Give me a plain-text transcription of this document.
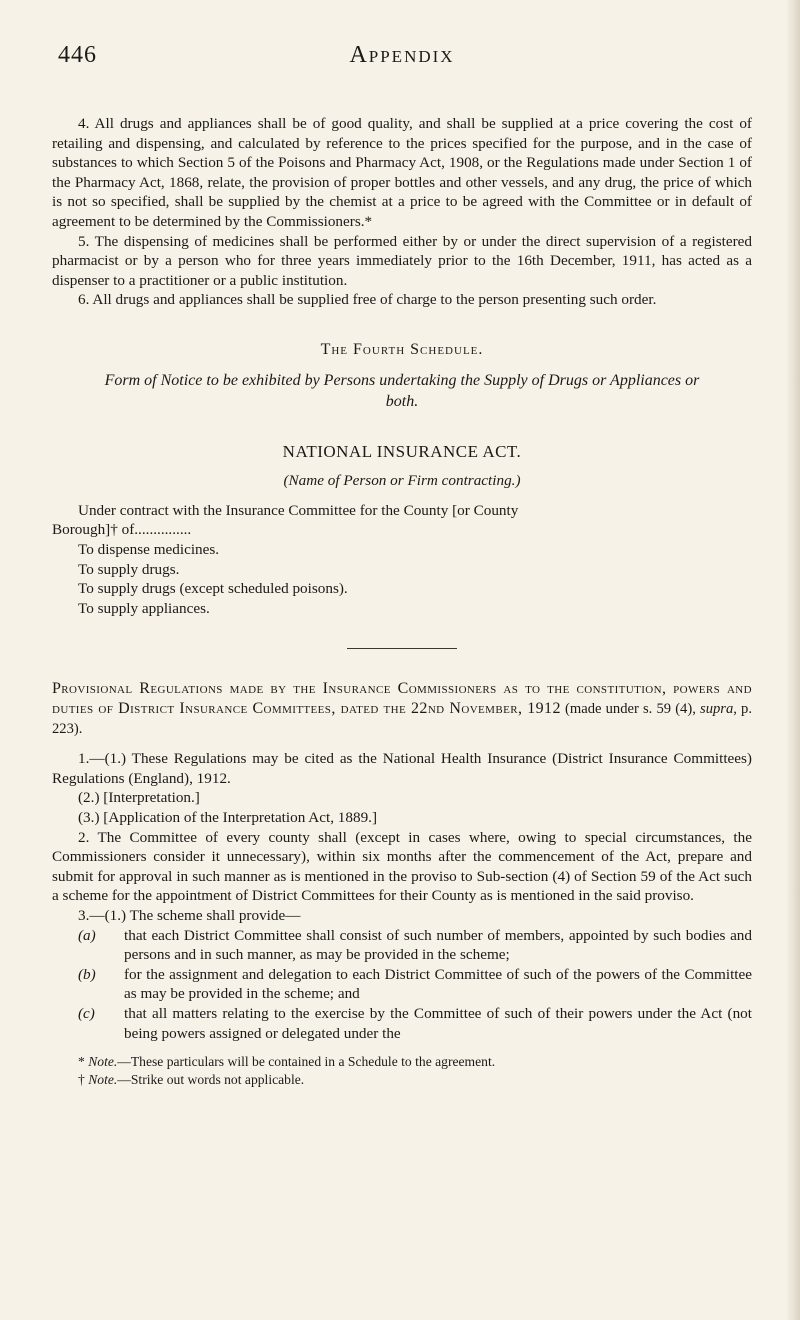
446	Appendix

4. All drugs and appliances shall be of good quality, and shall be supplied at a price covering the cost of retailing and dispensing, and calculated by reference to the prices specified for the purpose, and in the case of substances to which Section 5 of the Poisons and Pharmacy Act, 1908, or the Regulations made under Section 1 of the Pharmacy Act, 1868, relate, the provision of proper bottles and other vessels, and any drug, the price of which is not so specified, shall be supplied by the chemist at a price to be agreed with the Committee or in default of agreement to be determined by the Commissioners.*

5. The dispensing of medicines shall be performed either by or under the direct supervision of a registered pharmacist or by a person who for three years immediately prior to the 16th December, 1911, has acted as a dispenser to a practitioner or a public institution.

6. All drugs and appliances shall be supplied free of charge to the person presenting such order.

The Fourth Schedule.

Form of Notice to be exhibited by Persons undertaking the Supply of Drugs or Appliances or both.

NATIONAL INSURANCE ACT.

(Name of Person or Firm contracting.)

Under contract with the Insurance Committee for the County [or County

Borough]† of...............

To dispense medicines.

To supply drugs.

To supply drugs (except scheduled poisons).

To supply appliances.

Provisional Regulations made by the Insurance Commissioners as to the constitution, powers and duties of District Insurance Committees, dated the 22nd November, 1912 (made under s. 59 (4), supra, p. 223).

1.—(1.) These Regulations may be cited as the National Health Insurance (District Insurance Committees) Regulations (England), 1912.

(2.) [Interpretation.]

(3.) [Application of the Interpretation Act, 1889.]

2. The Committee of every county shall (except in cases where, owing to special circumstances, the Commissioners consider it unnecessary), within six months after the commencement of the Act, prepare and submit for approval in such manner as is mentioned in the proviso to Sub-section (4) of Section 59 of the Act such a scheme for the appointment of District Committees for their County as is mentioned in the said proviso.

3.—(1.) The scheme shall provide—

(a)	that each District Committee shall consist of such number of members, appointed by such bodies and persons and in such manner, as may be provided in the scheme;
(b)	for the assignment and delegation to each District Committee of such of the powers of the Committee as may be provided in the scheme; and
(c)	that all matters relating to the exercise by the Committee of such of their powers under the Act (not being powers assigned or delegated under the

* Note.—These particulars will be contained in a Schedule to the agreement.

† Note.—Strike out words not applicable.
